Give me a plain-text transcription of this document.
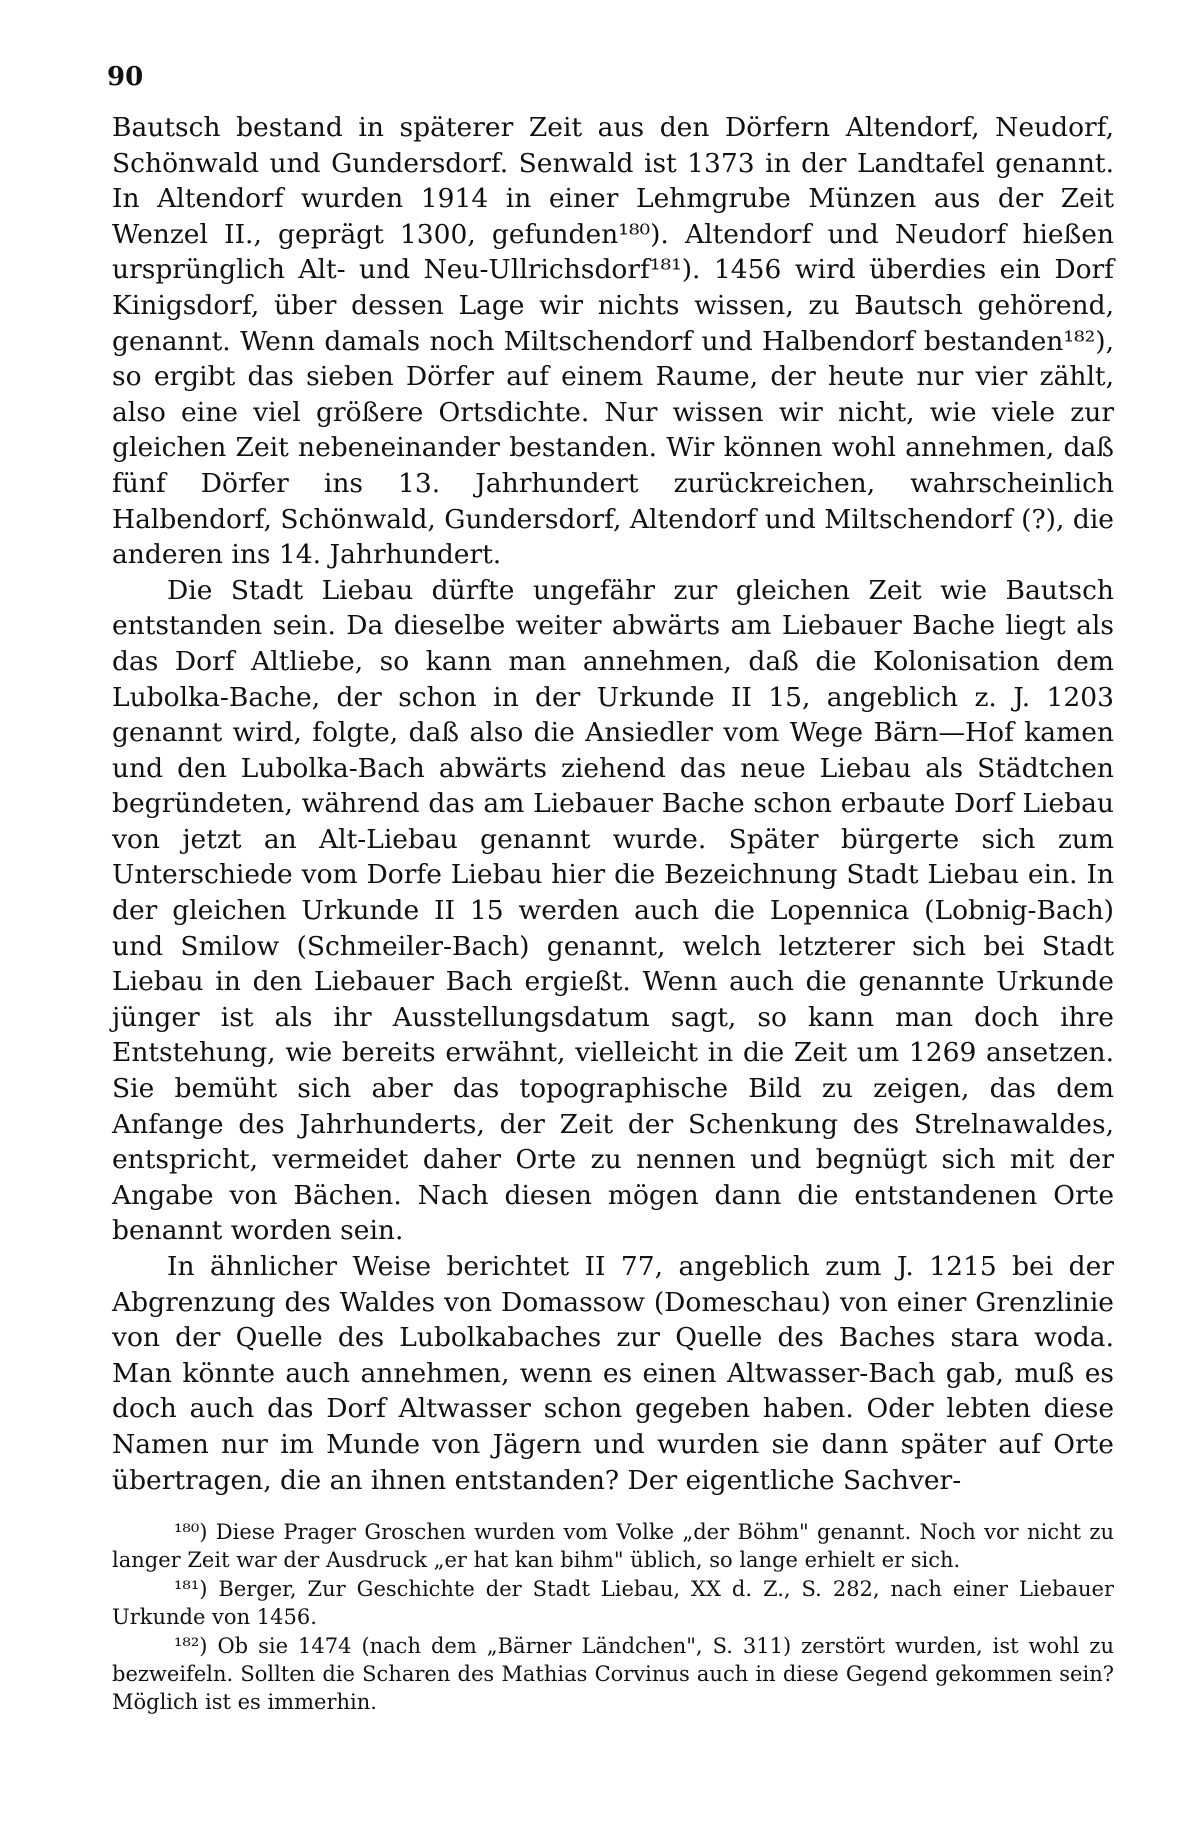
90

Bautsch bestand in späterer Zeit aus den Dörfern Altendorf, Neudorf, Schönwald und Gundersdorf. Senwald ist 1373 in der Landtafel genannt. In Altendorf wurden 1914 in einer Lehmgrube Münzen aus der Zeit Wenzel II., geprägt 1300, gefunden¹⁸⁰). Altendorf und Neudorf hießen ursprünglich Alt- und Neu-Ullrichsdorf¹⁸¹). 1456 wird überdies ein Dorf Kinigsdorf, über dessen Lage wir nichts wissen, zu Bautsch gehörend, genannt. Wenn damals noch Miltschendorf und Halbendorf bestanden¹⁸²), so ergibt das sieben Dörfer auf einem Raume, der heute nur vier zählt, also eine viel größere Ortsdichte. Nur wissen wir nicht, wie viele zur gleichen Zeit nebeneinander bestanden. Wir können wohl annehmen, daß fünf Dörfer ins 13. Jahrhundert zurückreichen, wahrscheinlich Halbendorf, Schönwald, Gundersdorf, Altendorf und Miltschendorf (?), die anderen ins 14. Jahrhundert.

Die Stadt Liebau dürfte ungefähr zur gleichen Zeit wie Bautsch entstanden sein. Da dieselbe weiter abwärts am Liebauer Bache liegt als das Dorf Altliebe, so kann man annehmen, daß die Kolonisation dem Lubolka-Bache, der schon in der Urkunde II 15, angeblich z. J. 1203 genannt wird, folgte, daß also die Ansiedler vom Wege Bärn—Hof kamen und den Lubolka-Bach abwärts ziehend das neue Liebau als Städtchen begründeten, während das am Liebauer Bache schon erbaute Dorf Liebau von jetzt an Alt-Liebau genannt wurde. Später bürgerte sich zum Unterschiede vom Dorfe Liebau hier die Bezeichnung Stadt Liebau ein. In der gleichen Urkunde II 15 werden auch die Lopennica (Lobnig-Bach) und Smilow (Schmeiler-Bach) genannt, welch letzterer sich bei Stadt Liebau in den Liebauer Bach ergießt. Wenn auch die genannte Urkunde jünger ist als ihr Ausstellungsdatum sagt, so kann man doch ihre Entstehung, wie bereits erwähnt, vielleicht in die Zeit um 1269 ansetzen. Sie bemüht sich aber das topographische Bild zu zeigen, das dem Anfange des Jahrhunderts, der Zeit der Schenkung des Strelnawaldes, entspricht, vermeidet daher Orte zu nennen und begnügt sich mit der Angabe von Bächen. Nach diesen mögen dann die entstandenen Orte benannt worden sein.

In ähnlicher Weise berichtet II 77, angeblich zum J. 1215 bei der Abgrenzung des Waldes von Domassow (Domeschau) von einer Grenzlinie von der Quelle des Lubolkabaches zur Quelle des Baches stara woda. Man könnte auch annehmen, wenn es einen Altwasser-Bach gab, muß es doch auch das Dorf Altwasser schon gegeben haben. Oder lebten diese Namen nur im Munde von Jägern und wurden sie dann später auf Orte übertragen, die an ihnen entstanden? Der eigentliche Sachver-

¹⁸⁰) Diese Prager Groschen wurden vom Volke „der Böhm" genannt. Noch vor nicht zu langer Zeit war der Ausdruck „er hat kan bihm" üblich, so lange erhielt er sich.

¹⁸¹) Berger, Zur Geschichte der Stadt Liebau, XX d. Z., S. 282, nach einer Liebauer Urkunde von 1456.

¹⁸²) Ob sie 1474 (nach dem „Bärner Ländchen", S. 311) zerstört wurden, ist wohl zu bezweifeln. Sollten die Scharen des Mathias Corvinus auch in diese Gegend gekommen sein? Möglich ist es immerhin.
